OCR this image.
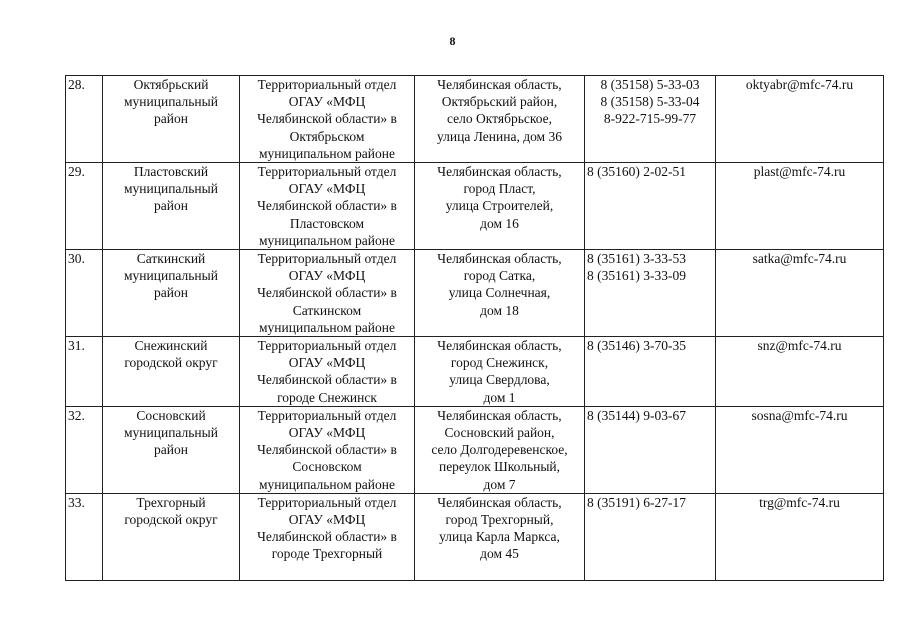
8
28.	Октябрьский
муниципальный
район	Территориальный отдел
ОГАУ «МФЦ
Челябинской области» в
Октябрьском
муниципальном районе	Челябинская область,
Октябрьский район,
село Октябрьское,
улица Ленина, дом 36	8 (35158) 5-33-03
8 (35158) 5-33-04
8-922-715-99-77	oktyabr@mfc-74.ru
29.	Пластовский
муниципальный
район	Территориальный отдел
ОГАУ «МФЦ
Челябинской области» в
Пластовском
муниципальном районе	Челябинская область,
город Пласт,
улица Строителей,
дом 16	8 (35160) 2-02-51	plast@mfc-74.ru
30.	Саткинский
муниципальный
район	Территориальный отдел
ОГАУ «МФЦ
Челябинской области» в
Саткинском
муниципальном районе	Челябинская область,
город Сатка,
улица Солнечная,
дом 18	8 (35161) 3-33-53
8 (35161) 3-33-09	satka@mfc-74.ru
31.	Снежинский
городской округ	Территориальный отдел
ОГАУ «МФЦ
Челябинской области» в
городе Снежинск	Челябинская область,
город Снежинск,
улица Свердлова,
дом 1	8 (35146) 3-70-35	snz@mfc-74.ru
32.	Сосновский
муниципальный
район	Территориальный отдел
ОГАУ «МФЦ
Челябинской области» в
Сосновском
муниципальном районе	Челябинская область,
Сосновский район,
село Долгодеревенское,
переулок Школьный,
дом 7	8 (35144) 9-03-67	sosna@mfc-74.ru
33.	Трехгорный
городской округ	Территориальный отдел
ОГАУ «МФЦ
Челябинской области» в
городе Трехгорный	Челябинская область,
город Трехгорный,
улица Карла Маркса,
дом 45	8 (35191) 6-27-17	trg@mfc-74.ru
